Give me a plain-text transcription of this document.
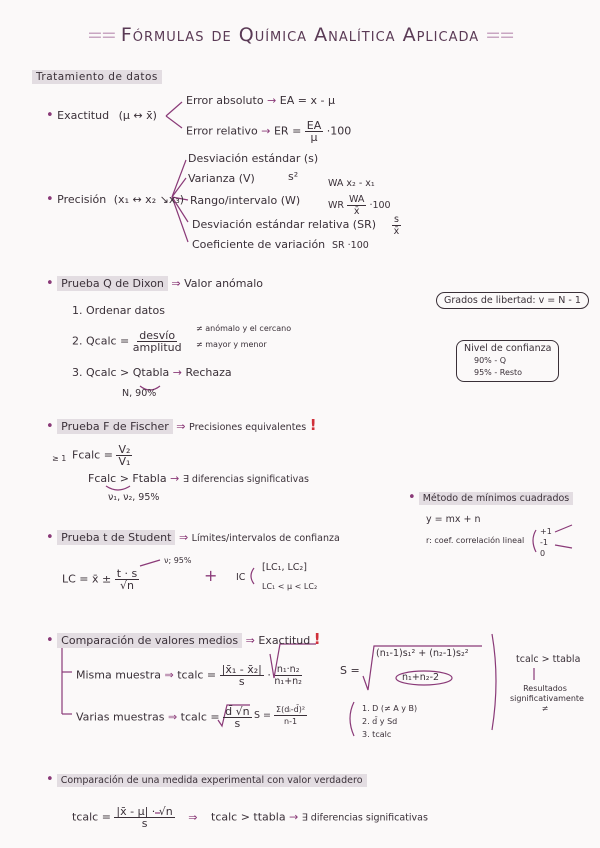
== Fórmulas de Química Analítica Aplicada ==
Tratamiento de datos
• Exactitud (μ ↔ x̄)
Error absoluto → EA = x - μ
Error relativo → ER = $\frac{EA}{\mu} \cdot 100$
• Precisión (x₁ ↔ x₂ ↘x₃)
Desviación estándar (s)
Varianza (V)	s²
Rango/intervalo (W)
WA x₂ - x₁
WR $\frac{WA}{x̄} \cdot 100$
Desviación estándar relativa $(SR) \frac{s}{x̄}$
Coeficiente de variación SR ·100
• Prueba Q de Dixon ⇒ Valor anómalo
Grados de libertad: v = N - 1
1. Ordenar datos
2. Qcalc = $\frac{\text{desvío}}{\text{amplitud}}$
≠ anómalo y el cercano
≠ mayor y menor	Nivel de confianza
90% - Q
95% - Resto
3. Qcalc > Qtabla → Rechaza
N, 90%
• Prueba F de Fischer ⇒ Precisiones equivalentes !
≥ 1 Fcalc = $\frac{\text{V₂}}{\text{V₁}}$
Fcalc > Ftabla → ∃ diferencias significativas
ν₁, ν₂, 95%	• Método de mínimos cuadrados
y = mx + n
r: coef. correlación lineal
+1
-1
0
• Prueba t de Student ⇒ Límites/intervalos de confianza
LC = x̄ ± $\frac{t \cdot s}{√n}$
ν; 95%
+ IC
[LC₁, LC₂]
LC₁ < μ < LC₂
• Comparación de valores medios ⇒ Exactitud !
Misma muestra ⇒ tcalc = $\frac{\text{|x̄₁ - x̄₂|}}{s} \cdot \frac{\text{n₁·n₂}}{\text{n₁+n₂}}$	S =
(n₁-1)s₁² + (n₂-1)s₂²
n₁+n₂-2
Varias muestras ⇒ tcalc = $\frac{d̄ √n}{s}$ $S = \frac{\text{Σ(dᵢ-d̄)²}}{n-1}$	1. D (≠ A y B)
2. d̄ y Sd
3. tcalc
tcalc > ttabla
Resultados
significativamente
≠
• Comparación de una medida experimental con valor verdadero
tcalc = $\frac{|x̄ - \mu| \cdot √n}{s}$ ⇒ tcalc > ttabla → ∃ diferencias significativas
